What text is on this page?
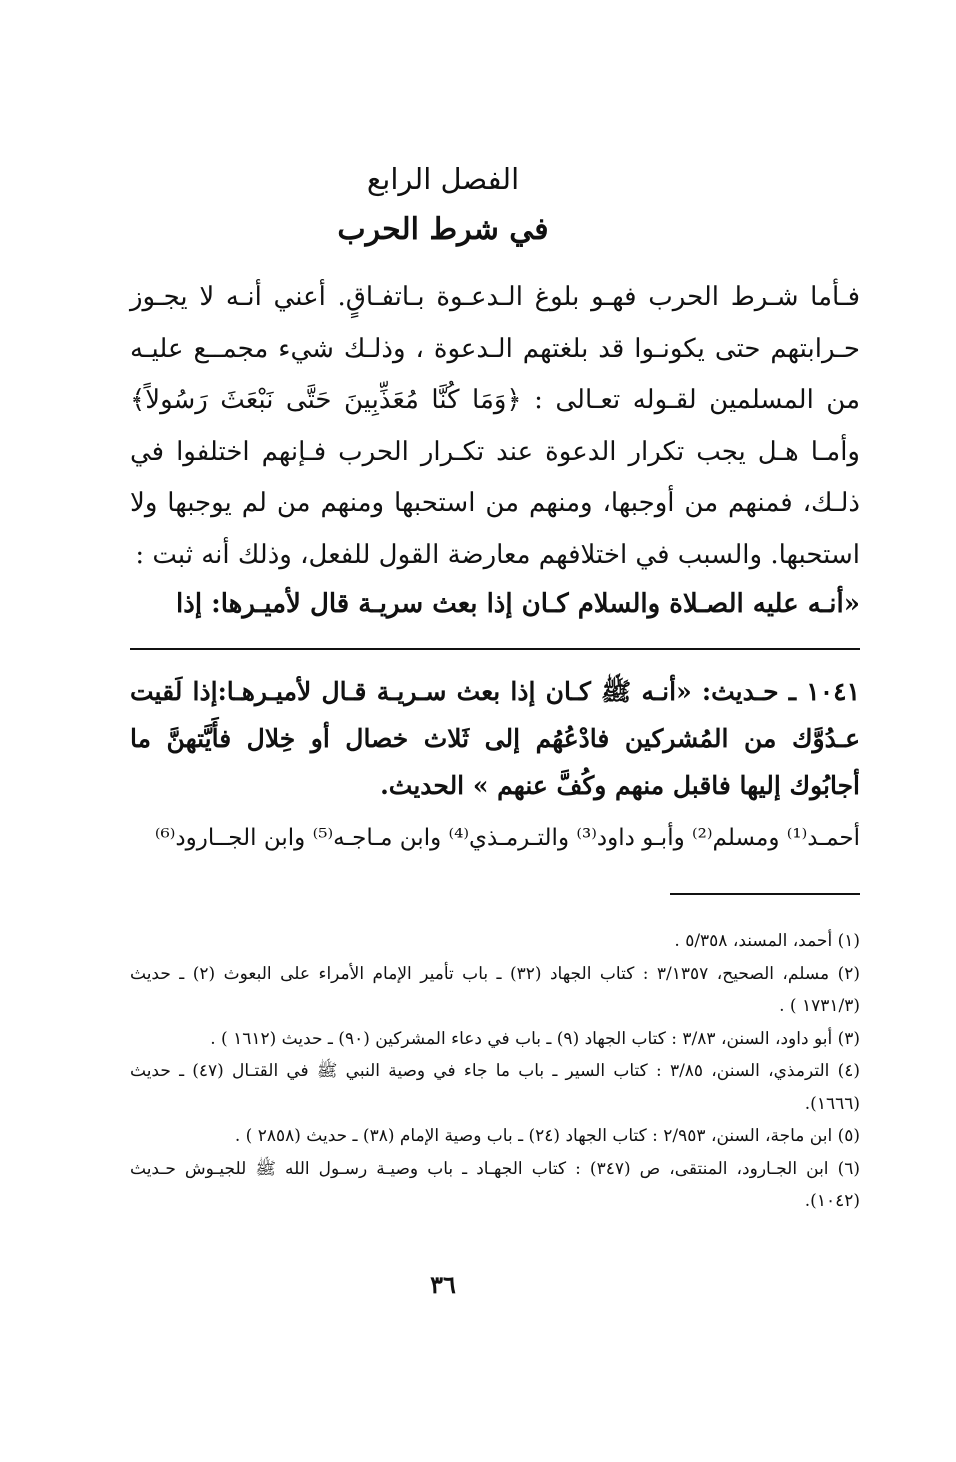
الفصل الرابع
في شرط الحرب

فـأما شـرط الحرب فهـو بلوغ الـدعـوة بـاتفـاقٍ. أعني أنـه لا يجـوز حـرابتهم حتى يكونـوا قد بلغتهم الـدعوة ، وذلـك شيء مجمــع عليـه من المسلمين لقـوله تعـالى : ﴿وَمَا كُنَّا مُعَذِّبِينَ حَتَّى نَبْعَثَ رَسُولاً﴾ وأمـا هـل يجب تكرار الدعوة عند تكـرار الحرب فـإنهم اختلفوا في ذلـك، فمنهم من أوجبها، ومنهم من استحبها ومنهم من لم يوجبها ولا استحبها. والسبب في اختلافهم معارضة القول للفعل، وذلك أنه ثبت :

«أنـه عليه الصـلاة والسلام كـان إذا بعث سريـة قال لأميـرها: إذا
١٠٤١ ـ حـديث: «أنـه ﷺ كـان إذا بعث سـريـة قـال لأميـرهـا:إذا لَقيت عـدُوَّك من المُشركين فادْعُهُم إلى ثَلاث خصال أو خِلال فأَيَّتهنَّ ما أجابُوك إليها فاقبل منهم وكُفَّ عنهم » الحديث.
أحمـد⁽¹⁾ ومسلم⁽²⁾ وأبـو داود⁽³⁾ والتـرمـذي⁽⁴⁾ وابن مـاجـه⁽⁵⁾ وابن الجــارود⁽⁶⁾
(١) أحمد، المسند، ٥/٣٥٨ .
(٢) مسلم، الصحيح، ٣/١٣٥٧ : كتاب الجهاد (٣٢) ـ باب تأمير الإمام الأمراء على البعوث (٢) ـ حديث (١٧٣١/٣ ) .
(٣) أبو داود، السنن، ٣/٨٣ : كتاب الجهاد (٩) ـ باب في دعاء المشركين (٩٠) ـ حديث (١٦١٢ ) .
(٤) الترمذي، السنن، ٣/٨٥ : كتاب السير ـ باب ما جاء في وصية النبي ﷺ في القتـال (٤٧) ـ حديث (١٦٦٦).
(٥) ابن ماجة، السنن، ٢/٩٥٣ : كتاب الجهاد (٢٤) ـ باب وصية الإمام (٣٨) ـ حديث (٢٨٥٨ ) .
(٦) ابن الجـارود، المنتقى، ص (٣٤٧) : كتاب الجهـاد ـ باب وصيـة رسـول الله ﷺ للجيـوش حـديث (١٠٤٢).
٣٦
